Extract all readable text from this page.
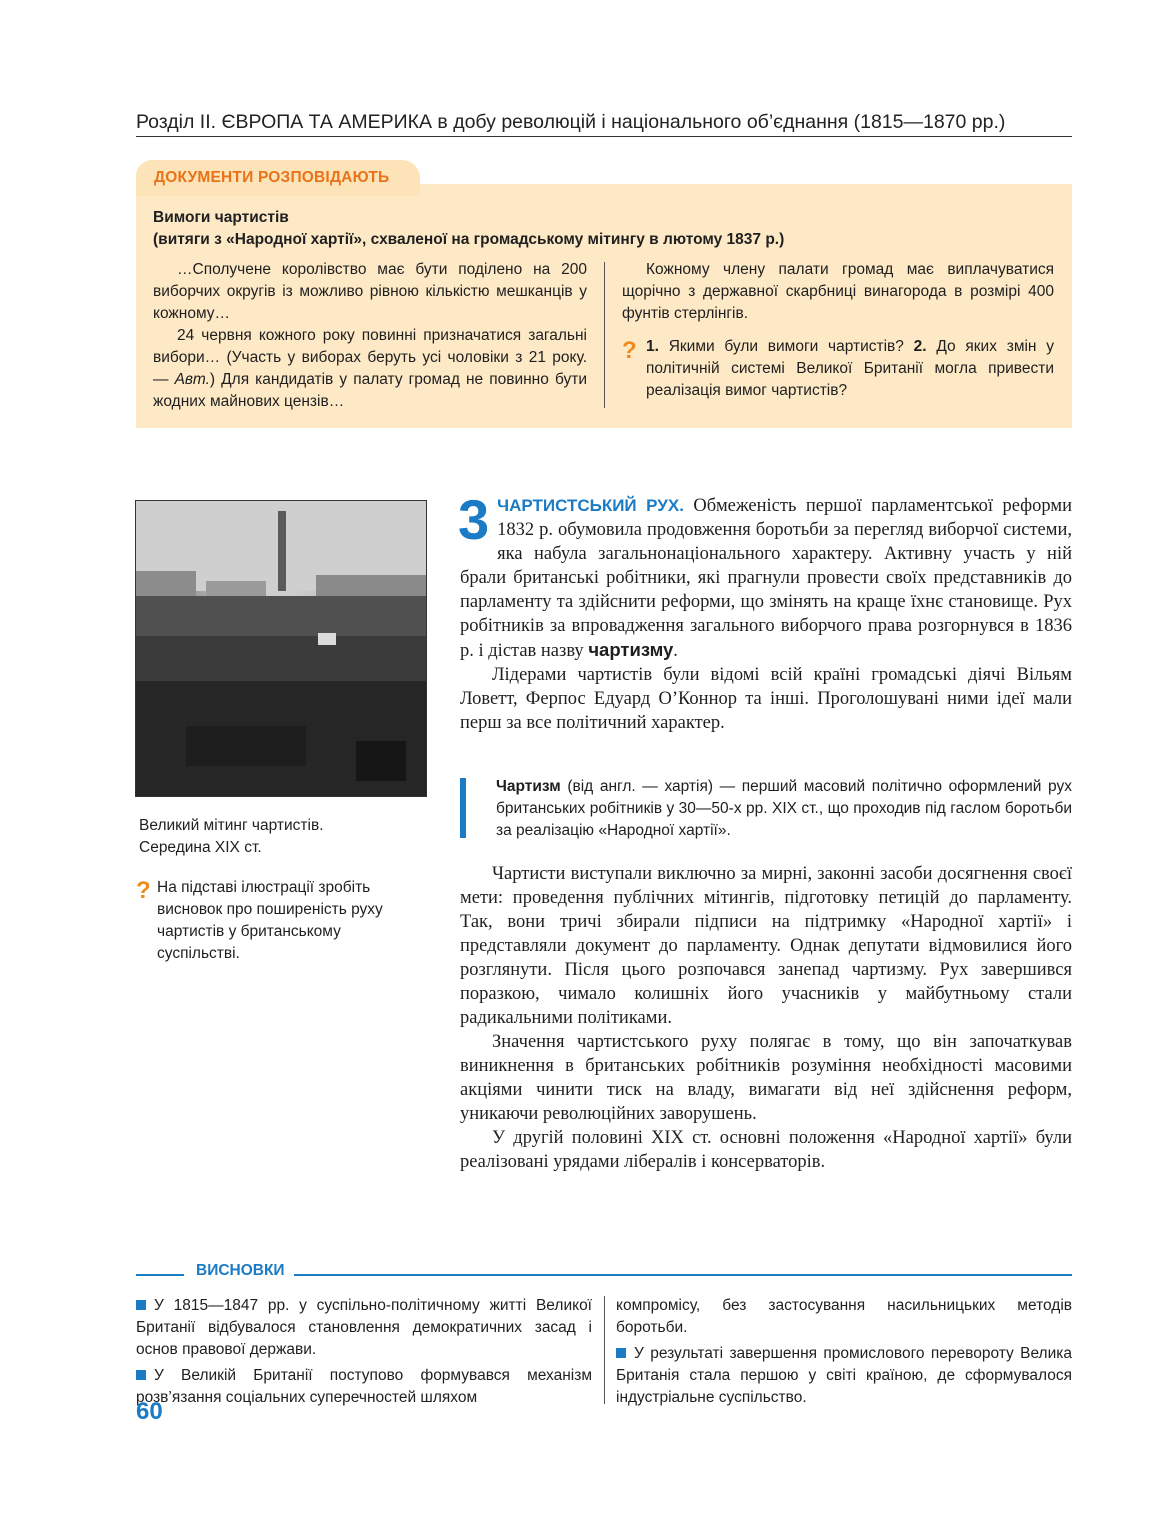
Розділ II. ЄВРОПА ТА АМЕРИКА в добу революцій і національного об’єднання (1815—1870 рр.)
ДОКУМЕНТИ РОЗПОВІДАЮТЬ
Вимоги чартистів
(витяги з «Народної хартії», схваленої на громадському мітингу в лютому 1837 р.)

…Сполучене королівство має бути поділено на 200 виборчих округів із можливо рівною кількістю мешканців у кожному…

24 червня кожного року повинні призначатися загальні вибори… (Участь у виборах беруть усі чоловіки з 21 року. — Авт.) Для кандидатів у палату громад не повинно бути жодних майнових цензів…

Кожному члену палати громад має виплачуватися щорічно з державної скарбниці винагорода в розмірі 400 фунтів стерлінгів.

? 1. Якими були вимоги чартистів? 2. До яких змін у політичній системі Великої Британії могла привести реалізація вимог чартистів?

Великий мітинг чартистів.
Середина XIX ст.
? На підставі ілюстрації зробіть висновок про поширеність руху чартистів у британському суспільстві.
3 ЧАРТИСТСЬКИЙ РУХ. Обмеженість першої парламентської реформи 1832 р. обумовила продовження боротьби за перегляд виборчої системи, яка набула загальнонаціонального характеру. Активну участь у ній брали британські робітники, які прагнули провести своїх представників до парламенту та здійснити реформи, що змінять на краще їхнє становище. Рух робітників за впровадження загального виборчого права розгорнувся в 1836 р. і дістав назву чартизму.

Лідерами чартистів були відомі всій країні громадські діячі Вільям Ловетт, Ферпос Едуард О’Коннор та інші. Проголошувані ними ідеї мали перш за все політичний характер.

Чартизм (від англ. — хартія) — перший масовий політично оформлений рух британських робітників у 30—50-х рр. XIX ст., що проходив під гаслом боротьби за реалізацію «Народної хартії».

Чартисти виступали виключно за мирні, законні засоби досягнення своєї мети: проведення публічних мітингів, підготовку петицій до парламенту. Так, вони тричі збирали підписи на підтримку «Народної хартії» і представляли документ до парламенту. Однак депутати відмовилися його розглянути. Після цього розпочався занепад чартизму. Рух завершився поразкою, чимало колишніх його учасників у майбутньому стали радикальними політиками.

Значення чартистського руху полягає в тому, що він започаткував виникнення в британських робітників розуміння необхідності масовими акціями чинити тиск на владу, вимагати від неї здійснення реформ, уникаючи революційних заворушень.

У другій половині XIX ст. основні положення «Народної хартії» були реалізовані урядами лібералів і консерваторів.

ВИСНОВКИ

У 1815—1847 рр. у суспільно-політичному житті Великої Британії відбувалося становлення демократичних засад і основ правової держави.

У Великій Британії поступово формувався механізм розв’язання соціальних суперечностей шляхом

компромісу, без застосування насильницьких методів боротьби.

У результаті завершення промислового перевороту Велика Британія стала першою у світі країною, де сформувалося індустріальне суспільство.

60
